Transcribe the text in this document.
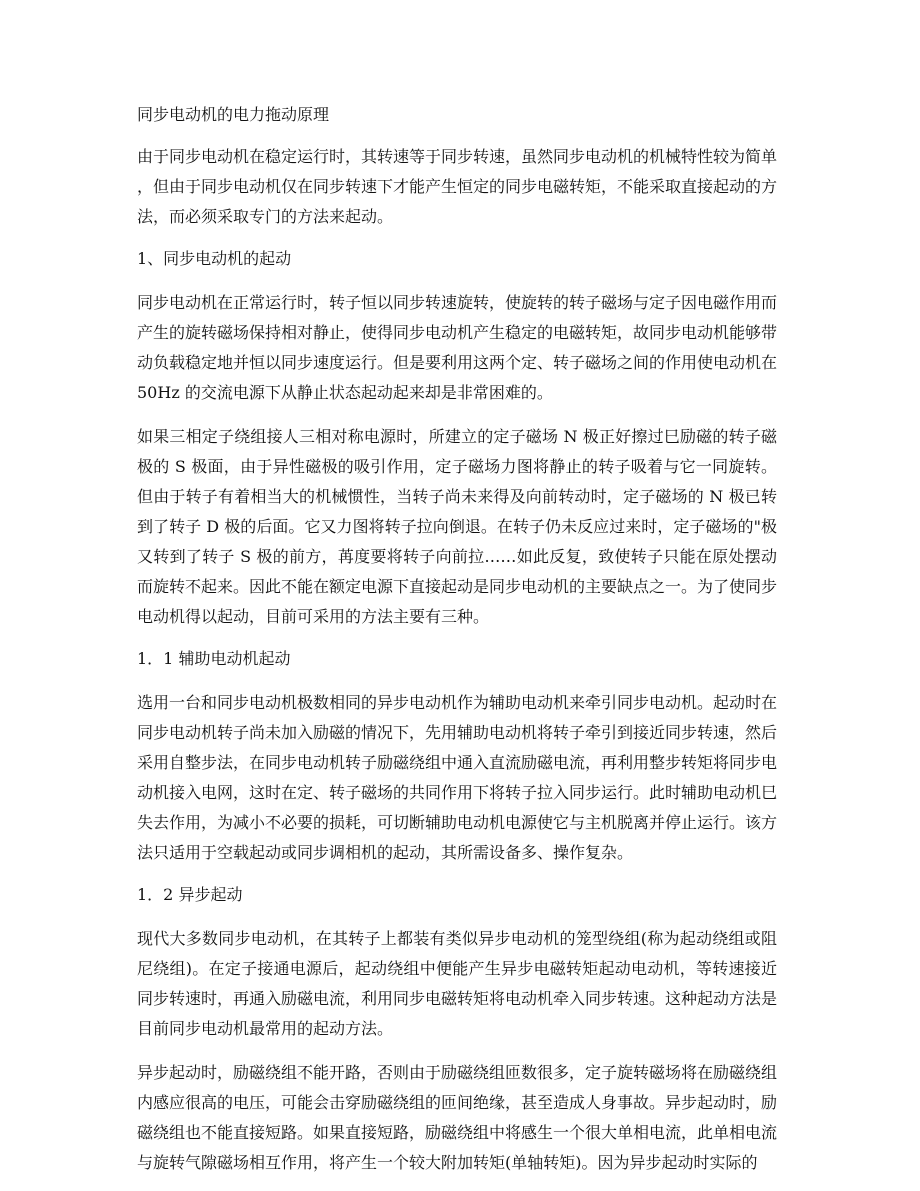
同步电动机的电力拖动原理

由于同步电动机在稳定运行时，其转速等于同步转速，虽然同步电动机的机械特性较为简单，但由于同步电动机仅在同步转速下才能产生恒定的同步电磁转矩，不能采取直接起动的方法，而必须采取专门的方法来起动。

1、同步电动机的起动

同步电动机在正常运行时，转子恒以同步转速旋转，使旋转的转子磁场与定子因电磁作用而产生的旋转磁场保持相对静止，使得同步电动机产生稳定的电磁转矩，故同步电动机能够带动负载稳定地并恒以同步速度运行。但是要利用这两个定、转子磁场之间的作用使电动机在 50Hz 的交流电源下从静止状态起动起来却是非常困难的。

如果三相定子绕组接人三相对称电源时，所建立的定子磁场 N 极正好擦过巳励磁的转子磁极的 S 极面，由于异性磁极的吸引作用，定子磁场力图将静止的转子吸着与它一同旋转。但由于转子有着相当大的机械惯性，当转子尚未来得及向前转动时，定子磁场的 N 极已转到了转子 D 极的后面。它又力图将转子拉向倒退。在转子仍未反应过来时，定子磁场的"极又转到了转子 S 极的前方，苒度要将转子向前拉……如此反复，致使转子只能在原处摆动而旋转不起来。因此不能在额定电源下直接起动是同步电动机的主要缺点之一。为了使同步电动机得以起动，目前可采用的方法主要有三种。

1．1 辅助电动机起动

选用一台和同步电动机极数相同的异步电动机作为辅助电动机来牵引同步电动机。起动时在同步电动机转子尚未加入励磁的情况下，先用辅助电动机将转子牵引到接近同步转速，然后采用自整步法，在同步电动机转子励磁绕组中通入直流励磁电流，再利用整步转矩将同步电动机接入电网，这时在定、转子磁场的共同作用下将转子拉入同步运行。此时辅助电动机巳失去作用，为减小不必要的损耗，可切断辅助电动机电源使它与主机脱离并停止运行。该方法只适用于空载起动或同步调相机的起动，其所需设备多、操作复杂。

1．2 异步起动

现代大多数同步电动机，在其转子上都装有类似异步电动机的笼型绕组(称为起动绕组或阻尼绕组)。在定子接通电源后，起动绕组中便能产生异步电磁转矩起动电动机，等转速接近同步转速时，再通入励磁电流，利用同步电磁转矩将电动机牵入同步转速。这种起动方法是目前同步电动机最常用的起动方法。

异步起动时，励磁绕组不能开路，否则由于励磁绕组匝数很多，定子旋转磁场将在励磁绕组内感应很高的电压，可能会击穿励磁绕组的匝间绝缘，甚至造成人身事故。异步起动时，励磁绕组也不能直接短路。如果直接短路，励磁绕组中将感生一个很大单相电流，此单相电流与旋转气隙磁场相互作用，将产生一个较大附加转矩(单轴转矩)。因为异步起动时实际的
